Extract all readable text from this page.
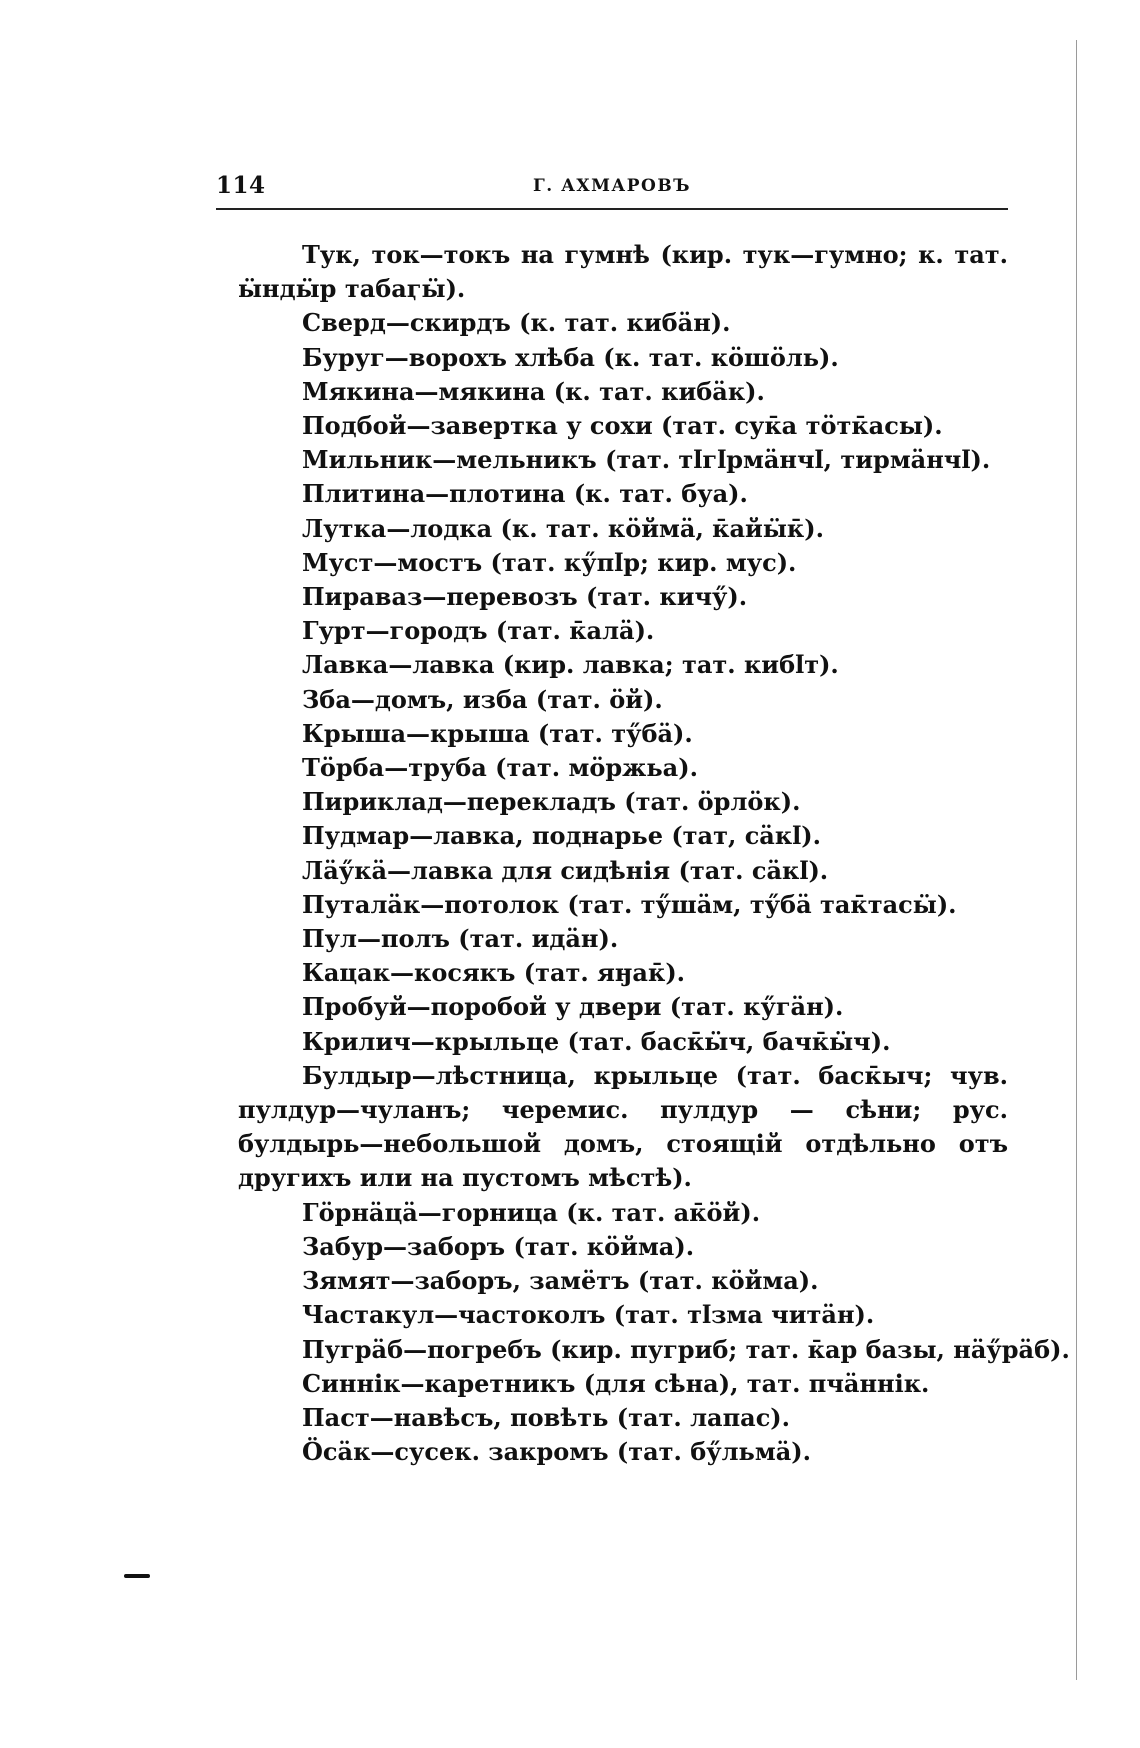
114	Г. АХМАРОВЪ

Тук, ток—токъ на гумнѣ (кир. тук—гумно; к. тат. ӹндӹр табаӷӹ).

Сверд—скирдъ (к. тат. кибӓн).

Буруг—ворохъ хлѣба (к. тат. кӧшӧль).

Мякина—мякина (к. тат. кибӓк).

Подбой—завертка у сохи (тат. сук̄а тӧтк̄асы).

Мильник—мельникъ (тат. тӏгӏрмӓнчӏ, тирмӓнчӏ).

Плитина—плотина (к. тат. буа).

Лутка—лодка (к. тат. кӧймӓ, к̄айӹк̄).

Муст—мостъ (тат. кӳпӏр; кир. мус).

Пираваз—перевозъ (тат. кичӳ).

Гурт—городъ (тат. к̄алӓ).

Лавка—лавка (кир. лавка; тат. кибӏт).

Зба—домъ, изба (тат. ӧй).

Крыша—крыша (тат. тӳбӓ).

Тӧрба—труба (тат. мӧржьа).

Пириклад—перекладъ (тат. ӧрлӧк).

Пудмар—лавка, поднарье (тат, сӓкӏ).

Лӓӳкӓ—лавка для сидѣнія (тат. сӓкӏ).

Путалӓк—потолок (тат. тӳшӓм, тӳбӓ так̄тасӹ).

Пул—полъ (тат. идӓн).

Кацак—косякъ (тат. яӈак̄).

Пробуй—поробой у двери (тат. кӳгӓн).

Крилич—крыльце (тат. баск̄ӹч, бачк̄ӹч).

Булдыр—лѣстница, крыльце (тат. баск̄ыч; чув. пулдур—чуланъ; черемис. пулдур — сѣни; рус. булдырь—небольшой домъ, стоящій отдѣльно отъ другихъ или на пустомъ мѣстѣ).

Гӧрнӓцӓ—горница (к. тат. ак̄ӧй).

Забур—заборъ (тат. кӧйма).

Зямят—заборъ, замётъ (тат. кӧйма).

Частакул—частоколъ (тат. тӏзма читӓн).

Пугрӓб—погребъ (кир. пугриб; тат. к̄ар базы, нӓӳрӓб).

Синнік—каретникъ (для сѣна), тат. пчӓннік.

Паст—навѣсъ, повѣть (тат. лапас).

Ӧсӓк—сусек. закромъ (тат. бӳльмӓ).
